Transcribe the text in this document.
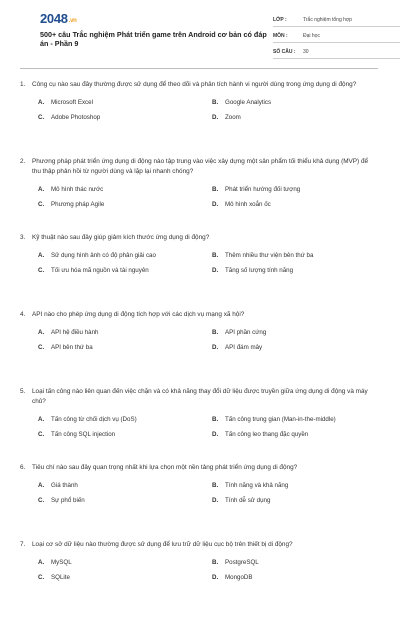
2048.vn
500+ câu Trắc nghiệm Phát triển game trên Android cơ bản có đáp án - Phần 9
LỚP :	Trắc nghiệm tổng hợp
MÔN :	Đại học
SỐ CÂU :	30
1. Công cụ nào sau đây thường được sử dụng để theo dõi và phân tích hành vi người dùng trong ứng dụng di động?
A. Microsoft Excel	B. Google Analytics
C. Adobe Photoshop	D. Zoom
2. Phương pháp phát triển ứng dụng di động nào tập trung vào việc xây dựng một sản phẩm tối thiểu khả dụng (MVP) để thu thập phản hồi từ người dùng và lặp lại nhanh chóng?
A. Mô hình thác nước	B. Phát triển hướng đối tượng
C. Phương pháp Agile	D. Mô hình xoắn ốc
3. Kỹ thuật nào sau đây giúp giảm kích thước ứng dụng di động?
A. Sử dụng hình ảnh có độ phân giải cao	B. Thêm nhiều thư viện bên thứ ba
C. Tối ưu hóa mã nguồn và tài nguyên	D. Tăng số lượng tính năng
4. API nào cho phép ứng dụng di động tích hợp với các dịch vụ mạng xã hội?
A. API hệ điều hành	B. API phần cứng
C. API bên thứ ba	D. API đám mây
5. Loại tấn công nào liên quan đến việc chặn và có khả năng thay đổi dữ liệu được truyền giữa ứng dụng di động và máy chủ?
A. Tấn công từ chối dịch vụ (DoS)	B. Tấn công trung gian (Man-in-the-middle)
C. Tấn công SQL injection	D. Tấn công leo thang đặc quyền
6. Tiêu chí nào sau đây quan trọng nhất khi lựa chọn một nền tảng phát triển ứng dụng di động?
A. Giá thành	B. Tính năng và khả năng
C. Sự phổ biến	D. Tính dễ sử dụng
7. Loại cơ sở dữ liệu nào thường được sử dụng để lưu trữ dữ liệu cục bộ trên thiết bị di động?
A. MySQL	B. PostgreSQL
C. SQLite	D. MongoDB
